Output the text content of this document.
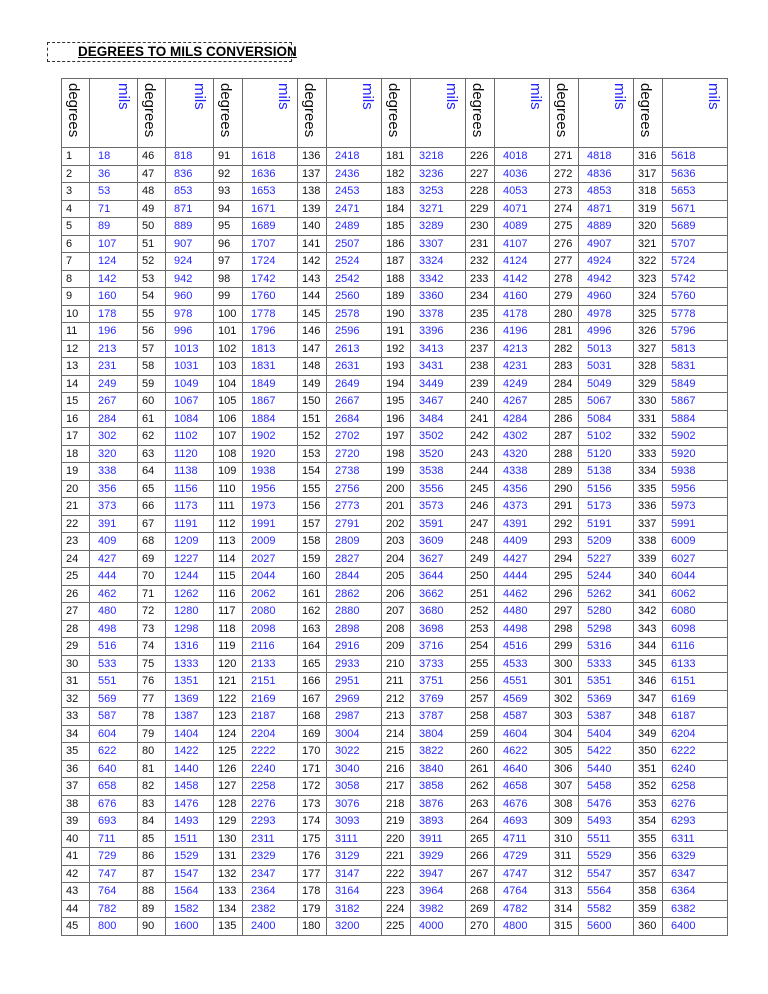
DEGREES TO MILS CONVERSION
degrees	mils	degrees	mils	degrees	mils	degrees	mils	degrees	mils	degrees	mils	degrees	mils	degrees	mils
1	18	46	818	91	1618	136	2418	181	3218	226	4018	271	4818	316	5618
2	36	47	836	92	1636	137	2436	182	3236	227	4036	272	4836	317	5636
3	53	48	853	93	1653	138	2453	183	3253	228	4053	273	4853	318	5653
4	71	49	871	94	1671	139	2471	184	3271	229	4071	274	4871	319	5671
5	89	50	889	95	1689	140	2489	185	3289	230	4089	275	4889	320	5689
6	107	51	907	96	1707	141	2507	186	3307	231	4107	276	4907	321	5707
7	124	52	924	97	1724	142	2524	187	3324	232	4124	277	4924	322	5724
8	142	53	942	98	1742	143	2542	188	3342	233	4142	278	4942	323	5742
9	160	54	960	99	1760	144	2560	189	3360	234	4160	279	4960	324	5760
10	178	55	978	100	1778	145	2578	190	3378	235	4178	280	4978	325	5778
11	196	56	996	101	1796	146	2596	191	3396	236	4196	281	4996	326	5796
12	213	57	1013	102	1813	147	2613	192	3413	237	4213	282	5013	327	5813
13	231	58	1031	103	1831	148	2631	193	3431	238	4231	283	5031	328	5831
14	249	59	1049	104	1849	149	2649	194	3449	239	4249	284	5049	329	5849
15	267	60	1067	105	1867	150	2667	195	3467	240	4267	285	5067	330	5867
16	284	61	1084	106	1884	151	2684	196	3484	241	4284	286	5084	331	5884
17	302	62	1102	107	1902	152	2702	197	3502	242	4302	287	5102	332	5902
18	320	63	1120	108	1920	153	2720	198	3520	243	4320	288	5120	333	5920
19	338	64	1138	109	1938	154	2738	199	3538	244	4338	289	5138	334	5938
20	356	65	1156	110	1956	155	2756	200	3556	245	4356	290	5156	335	5956
21	373	66	1173	111	1973	156	2773	201	3573	246	4373	291	5173	336	5973
22	391	67	1191	112	1991	157	2791	202	3591	247	4391	292	5191	337	5991
23	409	68	1209	113	2009	158	2809	203	3609	248	4409	293	5209	338	6009
24	427	69	1227	114	2027	159	2827	204	3627	249	4427	294	5227	339	6027
25	444	70	1244	115	2044	160	2844	205	3644	250	4444	295	5244	340	6044
26	462	71	1262	116	2062	161	2862	206	3662	251	4462	296	5262	341	6062
27	480	72	1280	117	2080	162	2880	207	3680	252	4480	297	5280	342	6080
28	498	73	1298	118	2098	163	2898	208	3698	253	4498	298	5298	343	6098
29	516	74	1316	119	2116	164	2916	209	3716	254	4516	299	5316	344	6116
30	533	75	1333	120	2133	165	2933	210	3733	255	4533	300	5333	345	6133
31	551	76	1351	121	2151	166	2951	211	3751	256	4551	301	5351	346	6151
32	569	77	1369	122	2169	167	2969	212	3769	257	4569	302	5369	347	6169
33	587	78	1387	123	2187	168	2987	213	3787	258	4587	303	5387	348	6187
34	604	79	1404	124	2204	169	3004	214	3804	259	4604	304	5404	349	6204
35	622	80	1422	125	2222	170	3022	215	3822	260	4622	305	5422	350	6222
36	640	81	1440	126	2240	171	3040	216	3840	261	4640	306	5440	351	6240
37	658	82	1458	127	2258	172	3058	217	3858	262	4658	307	5458	352	6258
38	676	83	1476	128	2276	173	3076	218	3876	263	4676	308	5476	353	6276
39	693	84	1493	129	2293	174	3093	219	3893	264	4693	309	5493	354	6293
40	711	85	1511	130	2311	175	3111	220	3911	265	4711	310	5511	355	6311
41	729	86	1529	131	2329	176	3129	221	3929	266	4729	311	5529	356	6329
42	747	87	1547	132	2347	177	3147	222	3947	267	4747	312	5547	357	6347
43	764	88	1564	133	2364	178	3164	223	3964	268	4764	313	5564	358	6364
44	782	89	1582	134	2382	179	3182	224	3982	269	4782	314	5582	359	6382
45	800	90	1600	135	2400	180	3200	225	4000	270	4800	315	5600	360	6400
